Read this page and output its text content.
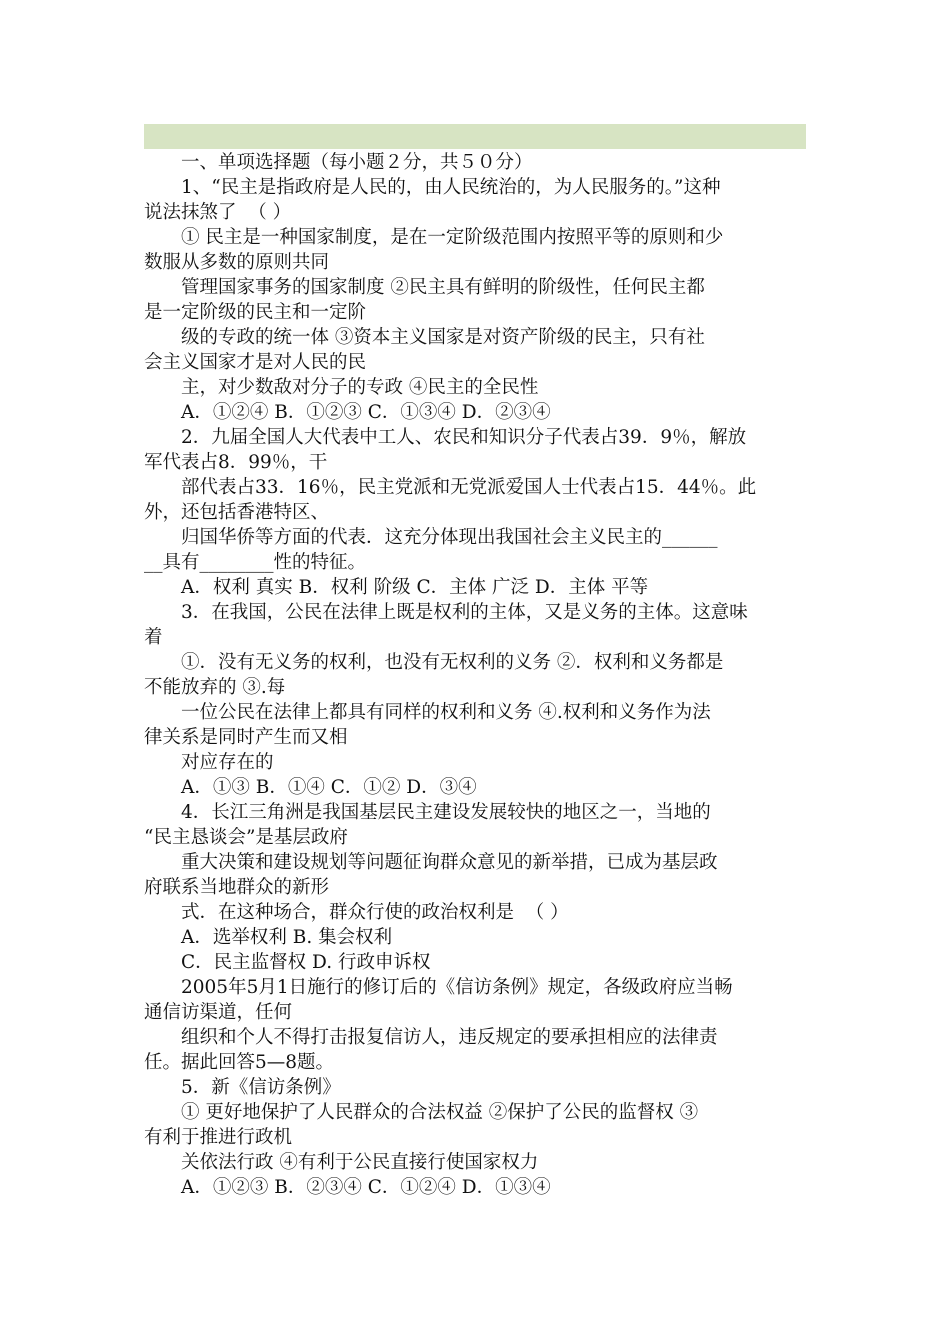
一、单项选择题（每小题２分，共５０分）
1、“民主是指政府是人民的，由人民统治的，为人民服务的。”这种
说法抹煞了  （ ）
① 民主是一种国家制度，是在一定阶级范围内按照平等的原则和少
数服从多数的原则共同
管理国家事务的国家制度 ②民主具有鲜明的阶级性，任何民主都
是一定阶级的民主和一定阶
级的专政的统一体 ③资本主义国家是对资产阶级的民主，只有社
会主义国家才是对人民的民
主，对少数敌对分子的专政 ④民主的全民性
A．①②④ B．①②③ C．①③④ D．②③④
2．九届全国人大代表中工人、农民和知识分子代表占39．9％，解放
军代表占8．99％，干
部代表占33．16％，民主党派和无党派爱国人士代表占15．44％。此
外，还包括香港特区、
归国华侨等方面的代表．这充分体现出我国社会主义民主的______
__具有________性的特征。
A．权利 真实 B．权利 阶级 C．主体 广泛 D．主体 平等
3．在我国，公民在法律上既是权利的主体，又是义务的主体。这意味
着
①．没有无义务的权利，也没有无权利的义务 ②．权利和义务都是
不能放弃的 ③.每
一位公民在法律上都具有同样的权利和义务 ④.权利和义务作为法
律关系是同时产生而又相
对应存在的
A．①③ B．①④ C．①② D．③④
4．长江三角洲是我国基层民主建设发展较快的地区之一，当地的
“民主恳谈会”是基层政府
重大决策和建设规划等问题征询群众意见的新举措，已成为基层政
府联系当地群众的新形
式．在这种场合，群众行使的政治权利是  （ ）
A．选举权利 B. 集会权利
C．民主监督权 D. 行政申诉权
2005年5月1日施行的修订后的《信访条例》规定，各级政府应当畅
通信访渠道，任何
组织和个人不得打击报复信访人，违反规定的要承担相应的法律责
任。据此回答5—8题。
5．新《信访条例》
① 更好地保护了人民群众的合法权益 ②保护了公民的监督权 ③
有利于推进行政机
关依法行政 ④有利于公民直接行使国家权力
A．①②③ B．②③④ C．①②④ D．①③④
